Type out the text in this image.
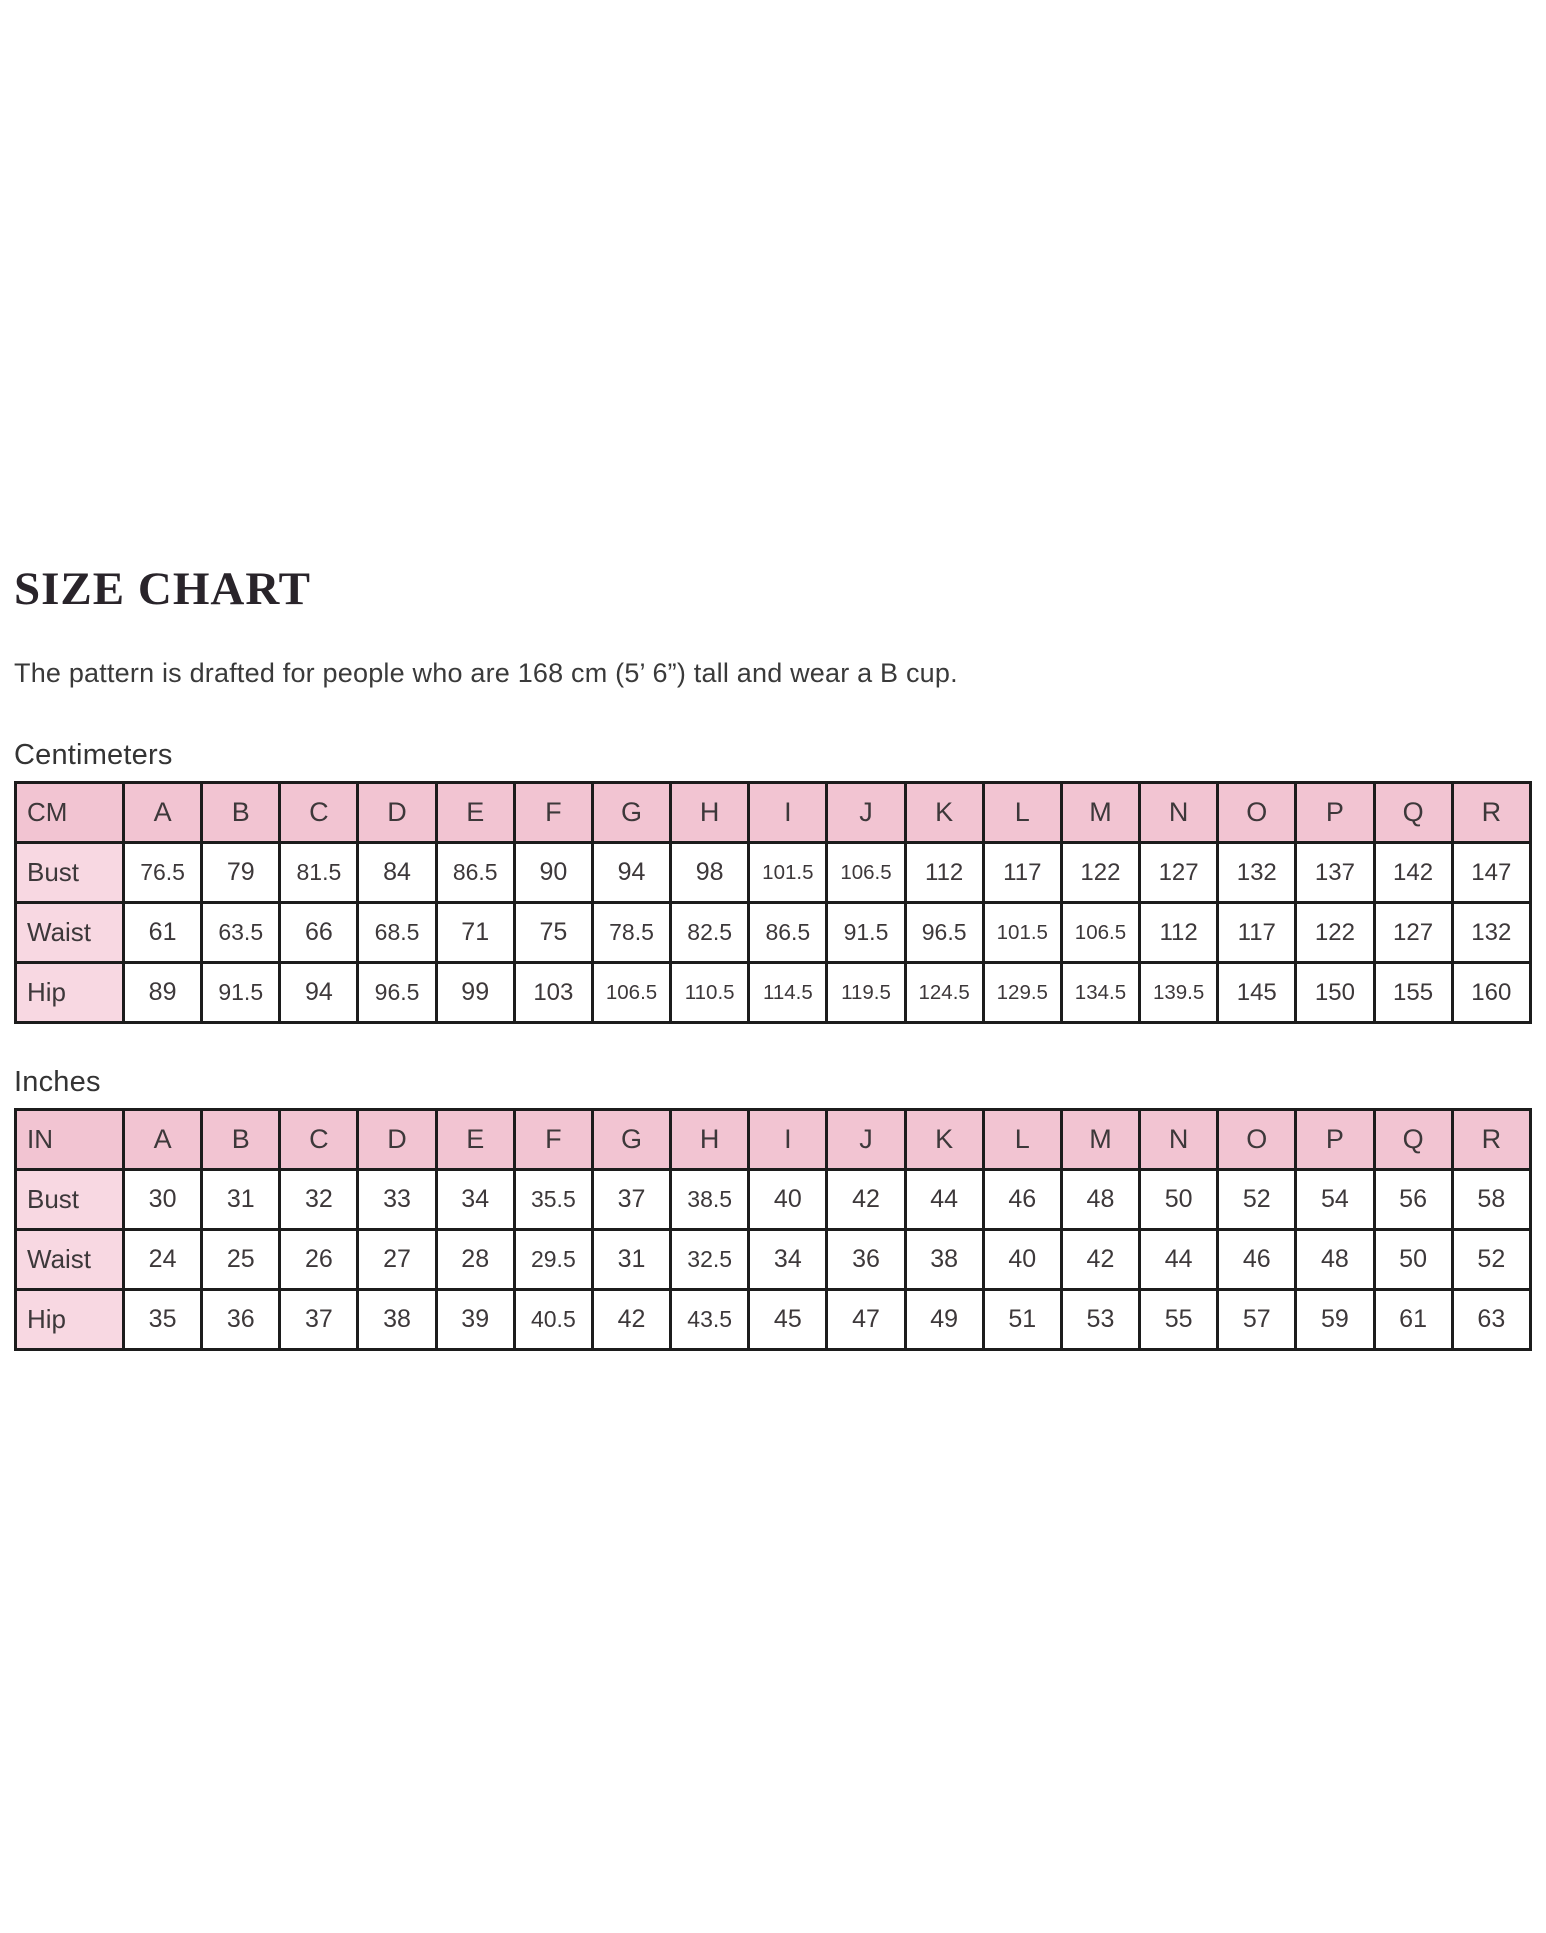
SIZE CHART

The pattern is drafted for people who are 168 cm (5’ 6”) tall and wear a B cup.

Centimeters
CM	A	B	C	D	E	F	G	H	I	J	K	L	M	N	O	P	Q	R
Bust	76.5	79	81.5	84	86.5	90	94	98	101.5	106.5	112	117	122	127	132	137	142	147
Waist	61	63.5	66	68.5	71	75	78.5	82.5	86.5	91.5	96.5	101.5	106.5	112	117	122	127	132
Hip	89	91.5	94	96.5	99	103	106.5	110.5	114.5	119.5	124.5	129.5	134.5	139.5	145	150	155	160
Inches
IN	A	B	C	D	E	F	G	H	I	J	K	L	M	N	O	P	Q	R
Bust	30	31	32	33	34	35.5	37	38.5	40	42	44	46	48	50	52	54	56	58
Waist	24	25	26	27	28	29.5	31	32.5	34	36	38	40	42	44	46	48	50	52
Hip	35	36	37	38	39	40.5	42	43.5	45	47	49	51	53	55	57	59	61	63
